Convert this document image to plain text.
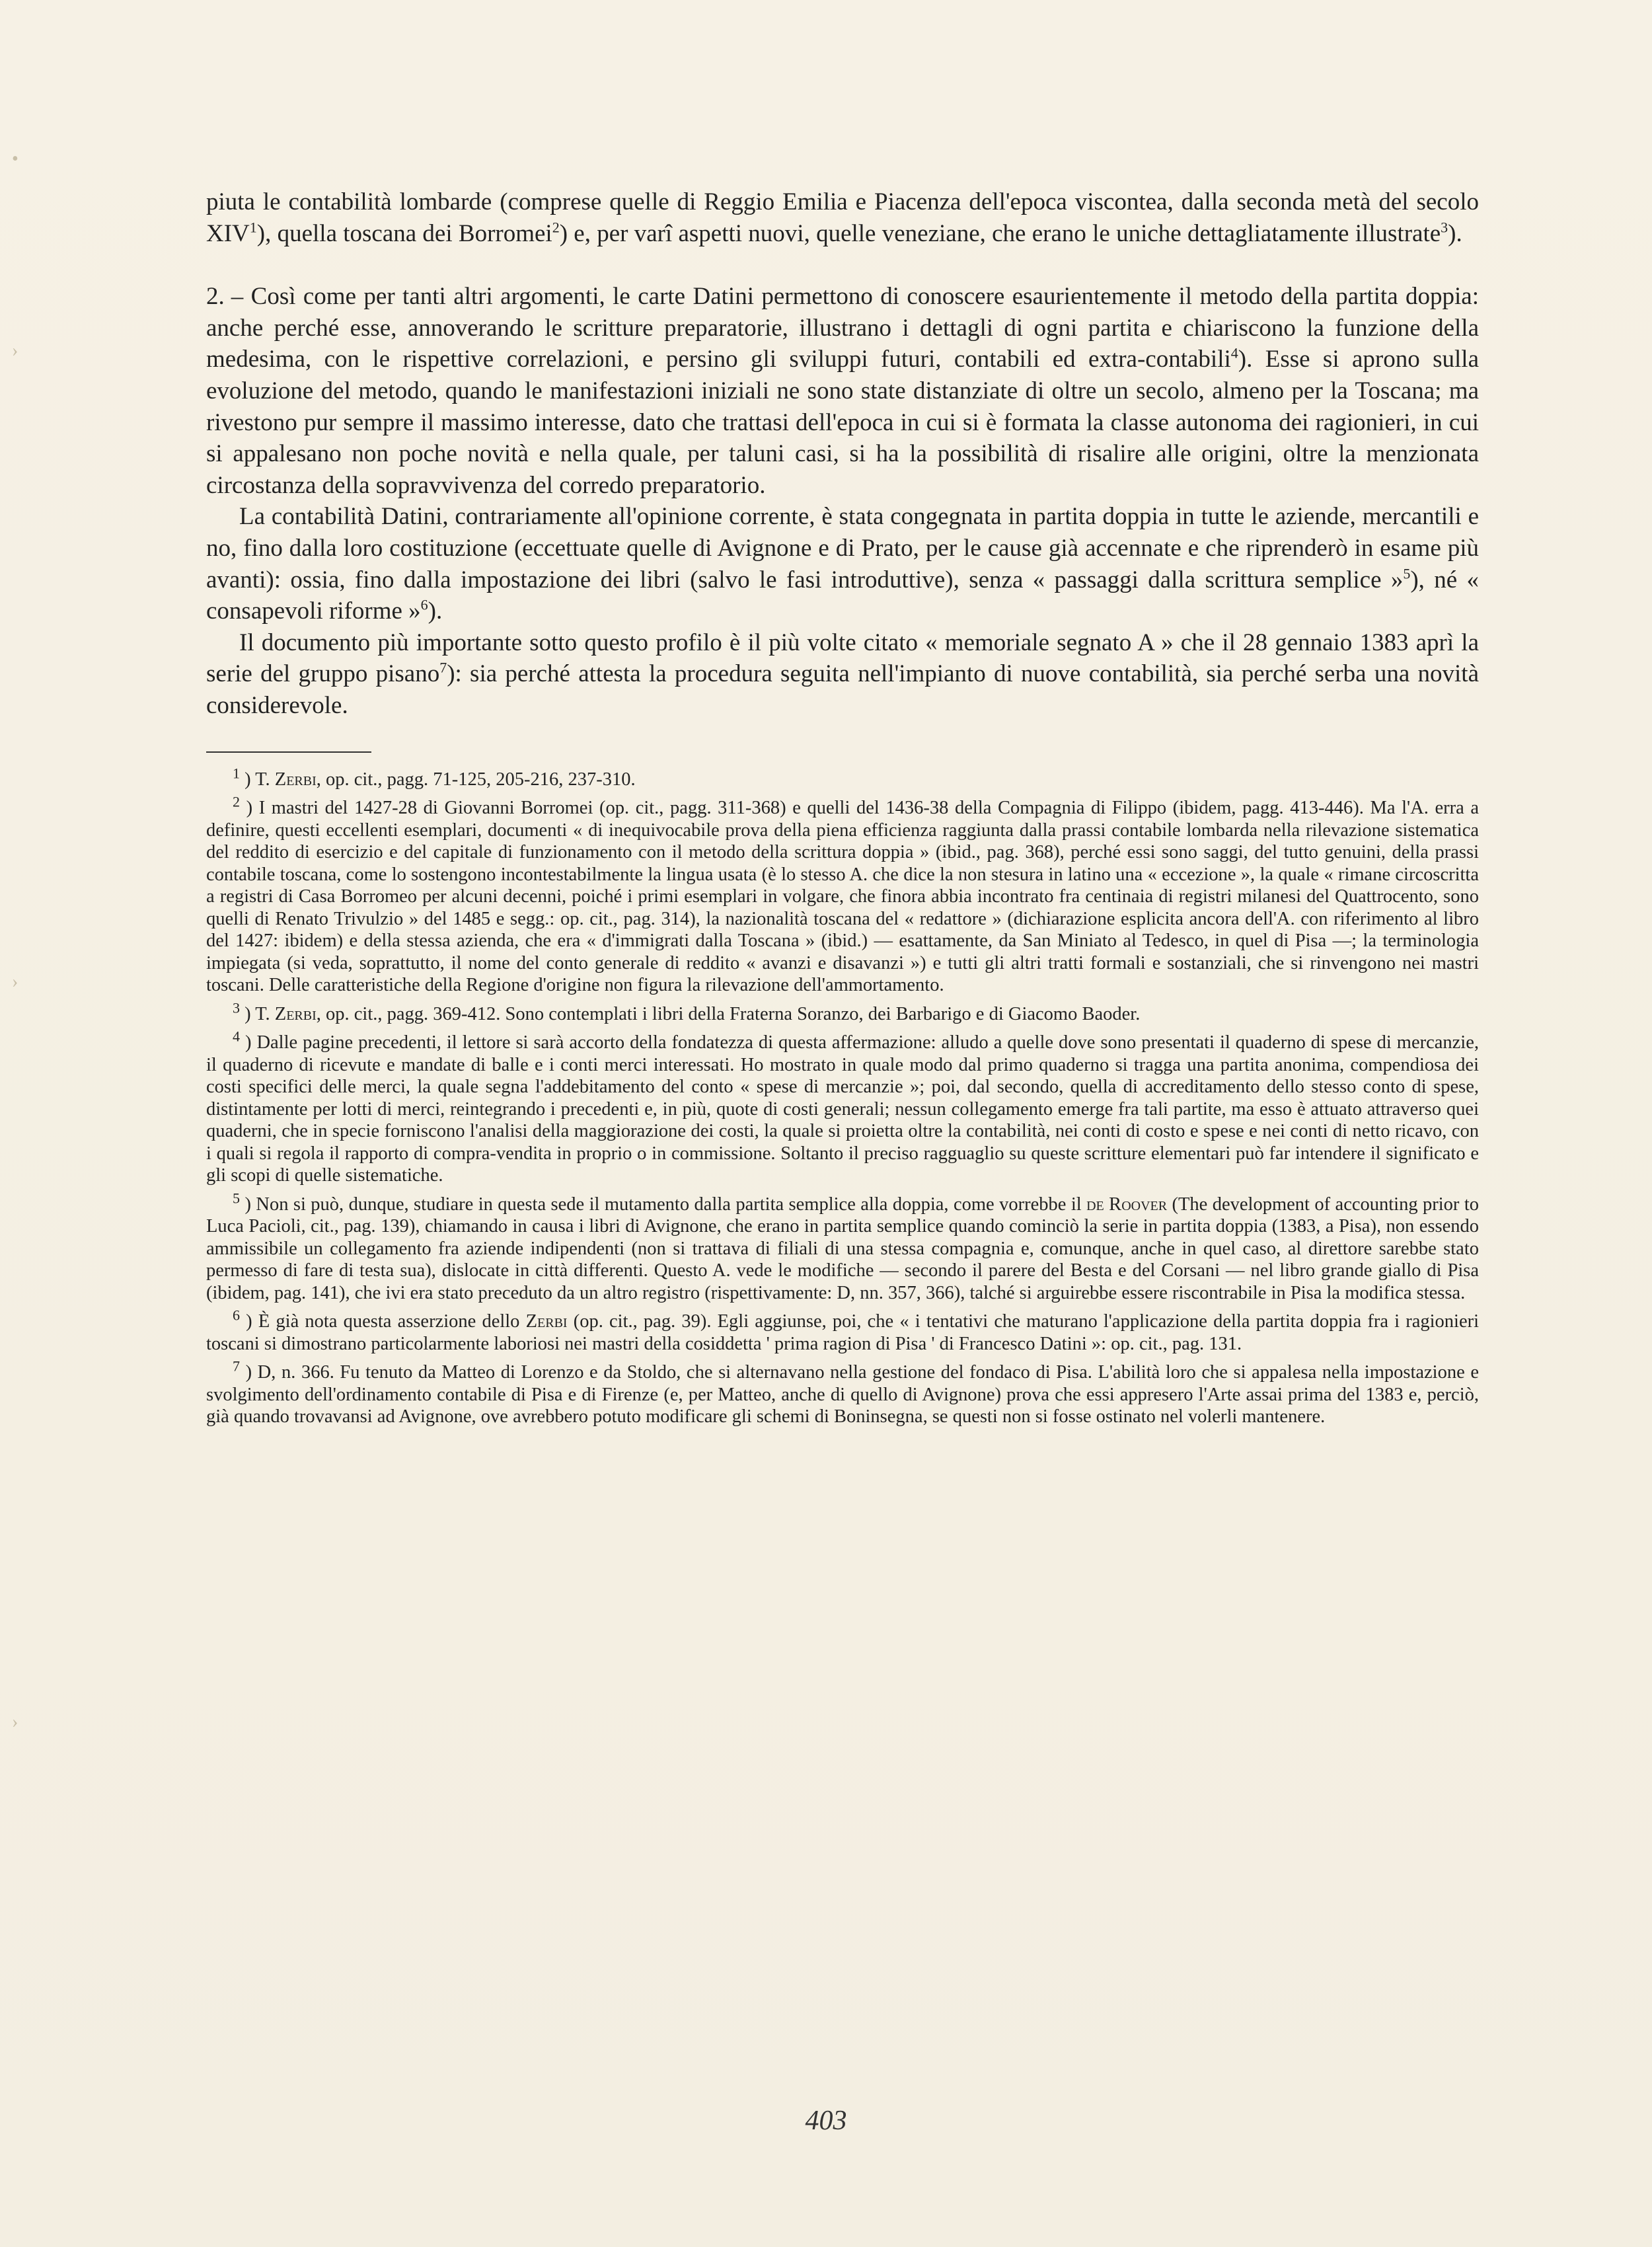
•
›
›
›

piuta le contabilità lombarde (comprese quelle di Reggio Emilia e Piacenza dell'epoca viscontea, dalla seconda metà del secolo XIV$^1$), quella toscana dei Borromei$^2$) e, per varî aspetti nuovi, quelle veneziane, che erano le uniche dettagliatamente illustrate$^3$).

2. – Così come per tanti altri argomenti, le carte Datini permettono di conoscere esaurientemente il metodo della partita doppia: anche perché esse, annoverando le scritture preparatorie, illustrano i dettagli di ogni partita e chiariscono la funzione della medesima, con le rispettive correlazioni, e persino gli sviluppi futuri, contabili ed extra-contabili$^4$). Esse si aprono sulla evoluzione del metodo, quando le manifestazioni iniziali ne sono state distanziate di oltre un secolo, almeno per la Toscana; ma rivestono pur sempre il massimo interesse, dato che trattasi dell'epoca in cui si è formata la classe autonoma dei ragionieri, in cui si appalesano non poche novità e nella quale, per taluni casi, si ha la possibilità di risalire alle origini, oltre la menzionata circostanza della sopravvivenza del corredo preparatorio.

La contabilità Datini, contrariamente all'opinione corrente, è stata congegnata in partita doppia in tutte le aziende, mercantili e no, fino dalla loro costituzione (eccettuate quelle di Avignone e di Prato, per le cause già accennate e che riprenderò in esame più avanti): ossia, fino dalla impostazione dei libri (salvo le fasi introduttive), senza « passaggi dalla scrittura semplice »$^5$), né « consapevoli riforme »$^6$).

Il documento più importante sotto questo profilo è il più volte citato « memoriale segnato A » che il 28 gennaio 1383 aprì la serie del gruppo pisano$^7$): sia perché attesta la procedura seguita nell'impianto di nuove contabilità, sia perché serba una novità considerevole.

$^1$ ) T. Zerbi, op. cit., pagg. 71-125, 205-216, 237-310.

$^2$ ) I mastri del 1427-28 di Giovanni Borromei (op. cit., pagg. 311-368) e quelli del 1436-38 della Compagnia di Filippo (ibidem, pagg. 413-446). Ma l'A. erra a definire, questi eccellenti esemplari, documenti « di inequivocabile prova della piena efficienza raggiunta dalla prassi contabile lombarda nella rilevazione sistematica del reddito di esercizio e del capitale di funzionamento con il metodo della scrittura doppia » (ibid., pag. 368), perché essi sono saggi, del tutto genuini, della prassi contabile toscana, come lo sostengono incontestabilmente la lingua usata (è lo stesso A. che dice la non stesura in latino una « eccezione », la quale « rimane circoscritta a registri di Casa Borromeo per alcuni decenni, poiché i primi esemplari in volgare, che finora abbia incontrato fra centinaia di registri milanesi del Quattrocento, sono quelli di Renato Trivulzio » del 1485 e segg.: op. cit., pag. 314), la nazionalità toscana del « redattore » (dichiarazione esplicita ancora dell'A. con riferimento al libro del 1427: ibidem) e della stessa azienda, che era « d'immigrati dalla Toscana » (ibid.) — esattamente, da San Miniato al Tedesco, in quel di Pisa —; la terminologia impiegata (si veda, soprattutto, il nome del conto generale di reddito « avanzi e disavanzi ») e tutti gli altri tratti formali e sostanziali, che si rinvengono nei mastri toscani. Delle caratteristiche della Regione d'origine non figura la rilevazione dell'ammortamento.

$^3$ ) T. Zerbi, op. cit., pagg. 369-412. Sono contemplati i libri della Fraterna Soranzo, dei Barbarigo e di Giacomo Baoder.

$^4$ ) Dalle pagine precedenti, il lettore si sarà accorto della fondatezza di questa affermazione: alludo a quelle dove sono presentati il quaderno di spese di mercanzie, il quaderno di ricevute e mandate di balle e i conti merci interessati. Ho mostrato in quale modo dal primo quaderno si tragga una partita anonima, compendiosa dei costi specifici delle merci, la quale segna l'addebitamento del conto « spese di mercanzie »; poi, dal secondo, quella di accreditamento dello stesso conto di spese, distintamente per lotti di merci, reintegrando i precedenti e, in più, quote di costi generali; nessun collegamento emerge fra tali partite, ma esso è attuato attraverso quei quaderni, che in specie forniscono l'analisi della maggiorazione dei costi, la quale si proietta oltre la contabilità, nei conti di costo e spese e nei conti di netto ricavo, con i quali si regola il rapporto di compra-vendita in proprio o in commissione. Soltanto il preciso ragguaglio su queste scritture elementari può far intendere il significato e gli scopi di quelle sistematiche.

$^5$ ) Non si può, dunque, studiare in questa sede il mutamento dalla partita semplice alla doppia, come vorrebbe il de Roover (The development of accounting prior to Luca Pacioli, cit., pag. 139), chiamando in causa i libri di Avignone, che erano in partita semplice quando cominciò la serie in partita doppia (1383, a Pisa), non essendo ammissibile un collegamento fra aziende indipendenti (non si trattava di filiali di una stessa compagnia e, comunque, anche in quel caso, al direttore sarebbe stato permesso di fare di testa sua), dislocate in città differenti. Questo A. vede le modifiche — secondo il parere del Besta e del Corsani — nel libro grande giallo di Pisa (ibidem, pag. 141), che ivi era stato preceduto da un altro registro (rispettivamente: D, nn. 357, 366), talché si arguirebbe essere riscontrabile in Pisa la modifica stessa.

$^6$ ) È già nota questa asserzione dello Zerbi (op. cit., pag. 39). Egli aggiunse, poi, che « i tentativi che maturano l'applicazione della partita doppia fra i ragionieri toscani si dimostrano particolarmente laboriosi nei mastri della cosiddetta ' prima ragion di Pisa ' di Francesco Datini »: op. cit., pag. 131.

$^7$ ) D, n. 366. Fu tenuto da Matteo di Lorenzo e da Stoldo, che si alternavano nella gestione del fondaco di Pisa. L'abilità loro che si appalesa nella impostazione e svolgimento dell'ordinamento contabile di Pisa e di Firenze (e, per Matteo, anche di quello di Avignone) prova che essi appresero l'Arte assai prima del 1383 e, perciò, già quando trovavansi ad Avignone, ove avrebbero potuto modificare gli schemi di Boninsegna, se questi non si fosse ostinato nel volerli mantenere.

403
